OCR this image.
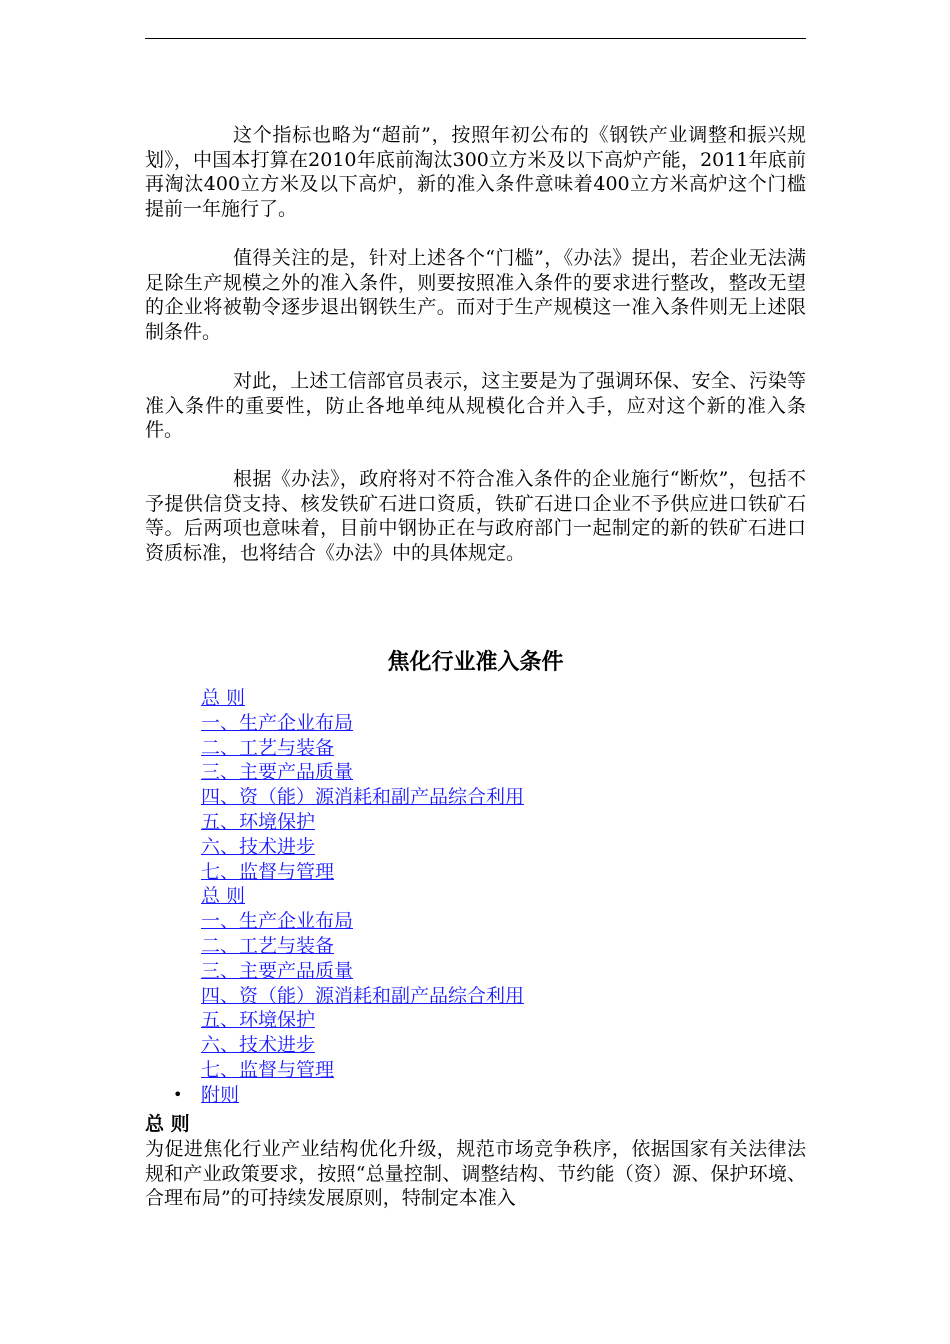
这个指标也略为“超前”，按照年初公布的《钢铁产业调整和振兴规划》，中国本打算在2010年底前淘汰300立方米及以下高炉产能，2011年底前再淘汰400立方米及以下高炉，新的准入条件意味着400立方米高炉这个门槛提前一年施行了。

值得关注的是，针对上述各个“门槛”，《办法》提出，若企业无法满足除生产规模之外的准入条件，则要按照准入条件的要求进行整改，整改无望的企业将被勒令逐步退出钢铁生产。而对于生产规模这一准入条件则无上述限制条件。

对此，上述工信部官员表示，这主要是为了强调环保、安全、污染等准入条件的重要性，防止各地单纯从规模化合并入手，应对这个新的准入条件。

根据《办法》，政府将对不符合准入条件的企业施行“断炊”，包括不予提供信贷支持、核发铁矿石进口资质，铁矿石进口企业不予供应进口铁矿石等。后两项也意味着，目前中钢协正在与政府部门一起制定的新的铁矿石进口资质标准，也将结合《办法》中的具体规定。

焦化行业准入条件
总 则
一、生产企业布局
二、工艺与装备
三、主要产品质量
四、资（能）源消耗和副产品综合利用
五、环境保护
六、技术进步
七、监督与管理
总 则
一、生产企业布局
二、工艺与装备
三、主要产品质量
四、资（能）源消耗和副产品综合利用
五、环境保护
六、技术进步
七、监督与管理
• 附则
总 则

为促进焦化行业产业结构优化升级，规范市场竞争秩序，依据国家有关法律法规和产业政策要求，按照“总量控制、调整结构、节约能（资）源、保护环境、合理布局”的可持续发展原则，特制定本准入
